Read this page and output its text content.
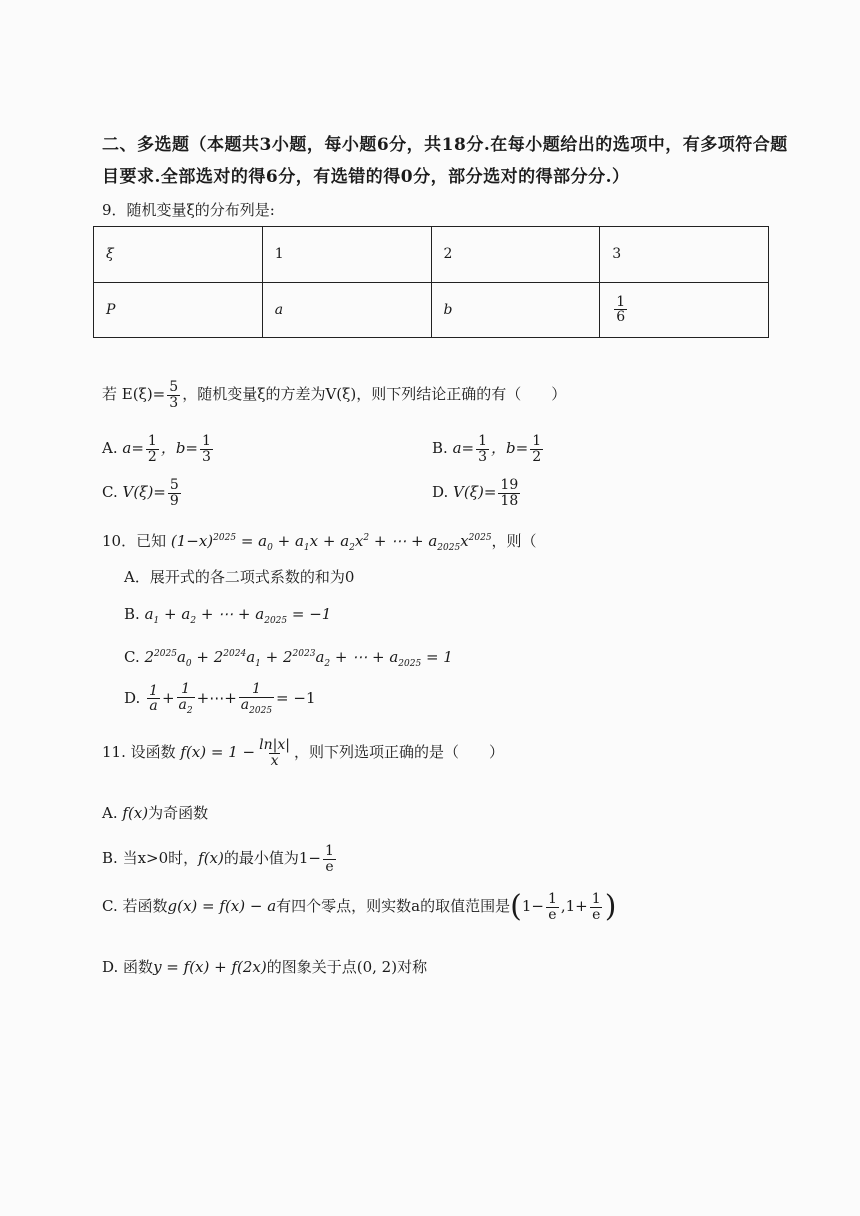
二、多选题（本题共3小题，每小题6分，共18分.在每小题给出的选项中，有多项符合题
目要求.全部选对的得6分，有选错的得0分，部分选对的得部分分.）
9．随机变量ξ的分布列是:
ξ	1	2	3
P	a	b	$\frac{1}{6}$
若 $E(\xi)= \frac{5}{3}$ ，随机变量ξ的方差为V(ξ)，则下列结论正确的有（　　）
A. $a= \frac{1}{2}$ ，$b= \frac{1}{3}$	B. $a= \frac{1}{3}$ ，$b= \frac{1}{2}$
C. $V(\xi)= \frac{5}{9}$	D. $V(\xi)= \frac{19}{18}$
10．已知 $(1-x)^{2025} = a_0 + a_1x + a_2x^2$ + ⋯ + $a_{2025}x^{2025}$，则（
A．展开式的各二项式系数的和为0
B. $a_1 + a_2$ + ⋯ + $a_{2025} = -1$
C. $2^{2025}a_0 + 2^{2024}a_1 + 2^{2023}a_2$ + ⋯ + $a_{2025} = 1$
D. $\frac{1}{a} + \frac{1}{a_2}$ +⋯+ $\frac{1}{a_{2025}} = -1$
11. 设函数 $f(x) = 1 - \frac{\ln|x|}{x}$ ，则下列选项正确的是（　　）
A. f(x)为奇函数
B. 当x>0时，f(x)的最小值为$1- \frac{1}{e}$
C. 若函数g(x) = f(x) − a有四个零点，则实数a的取值范围是($1- \frac{1}{e} ,1+ \frac{1}{e}$ )
D. 函数y = f(x) + f(2x)的图象关于点(0, 2)对称
